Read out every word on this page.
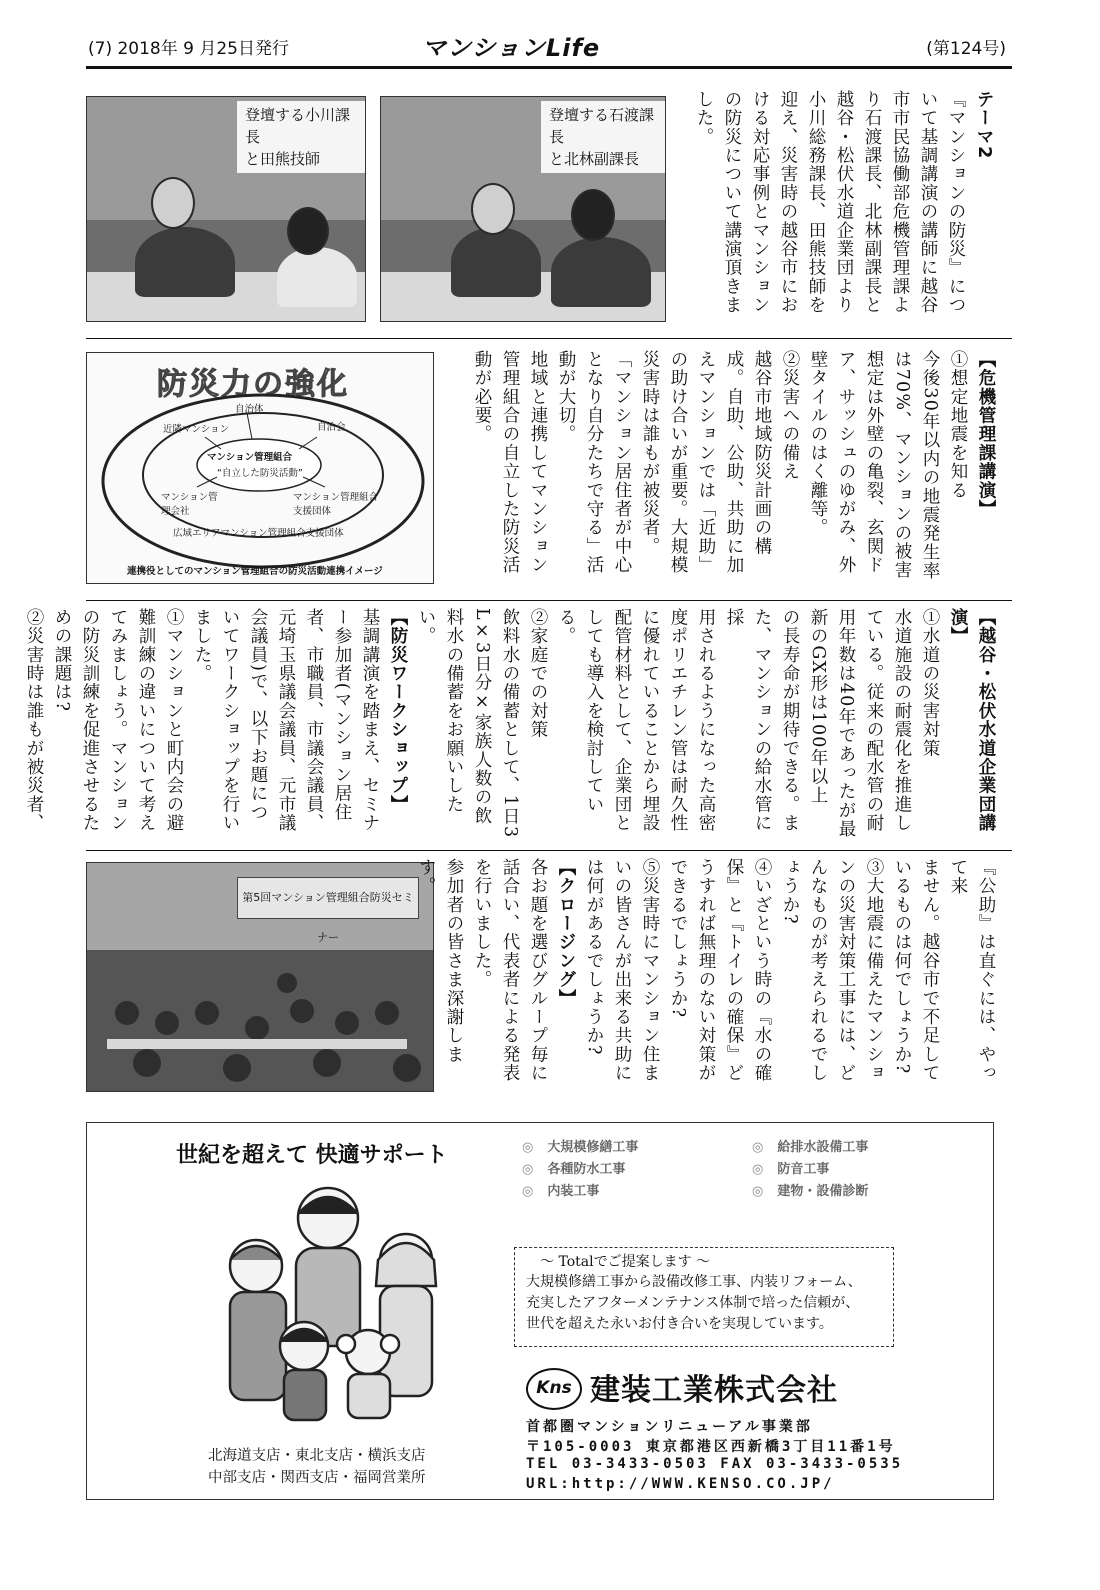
(7) 2018年 9 月25日発行	マンションLife	(第124号)
登壇する小川課長
と田熊技師
登壇する石渡課長
と北林副課長	テーマ2

『マンションの防災』につ

いて基調講演の講師に越谷

市市民協働部危機管理課よ

り石渡課長、北林副課長と

越谷・松伏水道企業団より

小川総務課長、田熊技師を

迎え、災害時の越谷市にお

ける対応事例とマンション

の防災について講演頂きま

した。

防災力の強化
自治体
自治会
近隣マンション
マンション管理組合
“自立した防災活動”
マンション管理会社
マンション管理組合支援団体
広域エリアマンション管理組合支援団体
連携役としてのマンション管理組合の防災活動連携イメージ

【危機管理課講演】

①想定地震を知る

今後30年以内の地震発生率

は70%、マンションの被害

想定は外壁の亀裂、玄関ド

ア、サッシュのゆがみ、外

壁タイルのはく離等。

②災害への備え

越谷市地域防災計画の構

成。自助、公助、共助に加

えマンションでは「近助」

の助け合いが重要。大規模

災害時は誰もが被災者。

「マンション居住者が中心

となり自分たちで守る」活

動が大切。

地域と連携してマンション

管理組合の自立した防災活

動が必要。

【越谷・松伏水道企業団講演】

①水道の災害対策

水道施設の耐震化を推進し

ている。従来の配水管の耐

用年数は40年であったが最

新のGX形は100年以上

の長寿命が期待できる。ま

た、マンションの給水管に採

用されるようになった高密

度ポリエチレン管は耐久性

に優れていることから埋設

配管材料として、企業団と

しても導入を検討している。

②家庭での対策

飲料水の備蓄として、1日3

L×3日分×家族人数の飲

料水の備蓄をお願いしたい。

【防災ワークショップ】

基調講演を踏まえ、セミナ

ー参加者(マンション居住

者、市職員、市議会議員、

元埼玉県議会議員、元市議

会議員)で、以下お題につ

いてワークショップを行い

ました。

①マンションと町内会の避

難訓練の違いについて考え

てみましょう。マンション

の防災訓練を促進させるた

めの課題は?

②災害時は誰もが被災者、

第5回マンション管理組合防災セミナー	『公助』は直ぐには、やって来

ません。越谷市で不足して

いるものは何でしょうか?

③大地震に備えたマンショ

ンの災害対策工事には、ど

んなものが考えられるでし

ょうか?

④いざという時の『水の確

保』と『トイレの確保』ど

うすれば無理のない対策が

できるでしょうか?

⑤災害時にマンション住ま

いの皆さんが出来る共助に

は何があるでしょうか?

【クロージング】

各お題を選びグループ毎に

話合い、代表者による発表

を行いました。

参加者の皆さま深謝します。

世紀を超えて 快適サポート	◎ 大規模修繕工事
◎ 各種防水工事
◎ 内装工事
◎ 給排水設備工事
◎ 防音工事
◎ 建物・設備診断
～ Totalでご提案します ～
大規模修繕工事から設備改修工事、内装リフォーム、
充実したアフターメンテナンス体制で培った信頼が、
世代を超えた永いお付き合いを実現しています。
Kns 建装工業株式会社
首都圏マンションリニューアル事業部
〒105-0003 東京都港区西新橋3丁目11番1号
TEL 03-3433-0503 FAX 03-3433-0535
URL:http://WWW.KENSO.CO.JP/
北海道支店・東北支店・横浜支店
中部支店・関西支店・福岡営業所
